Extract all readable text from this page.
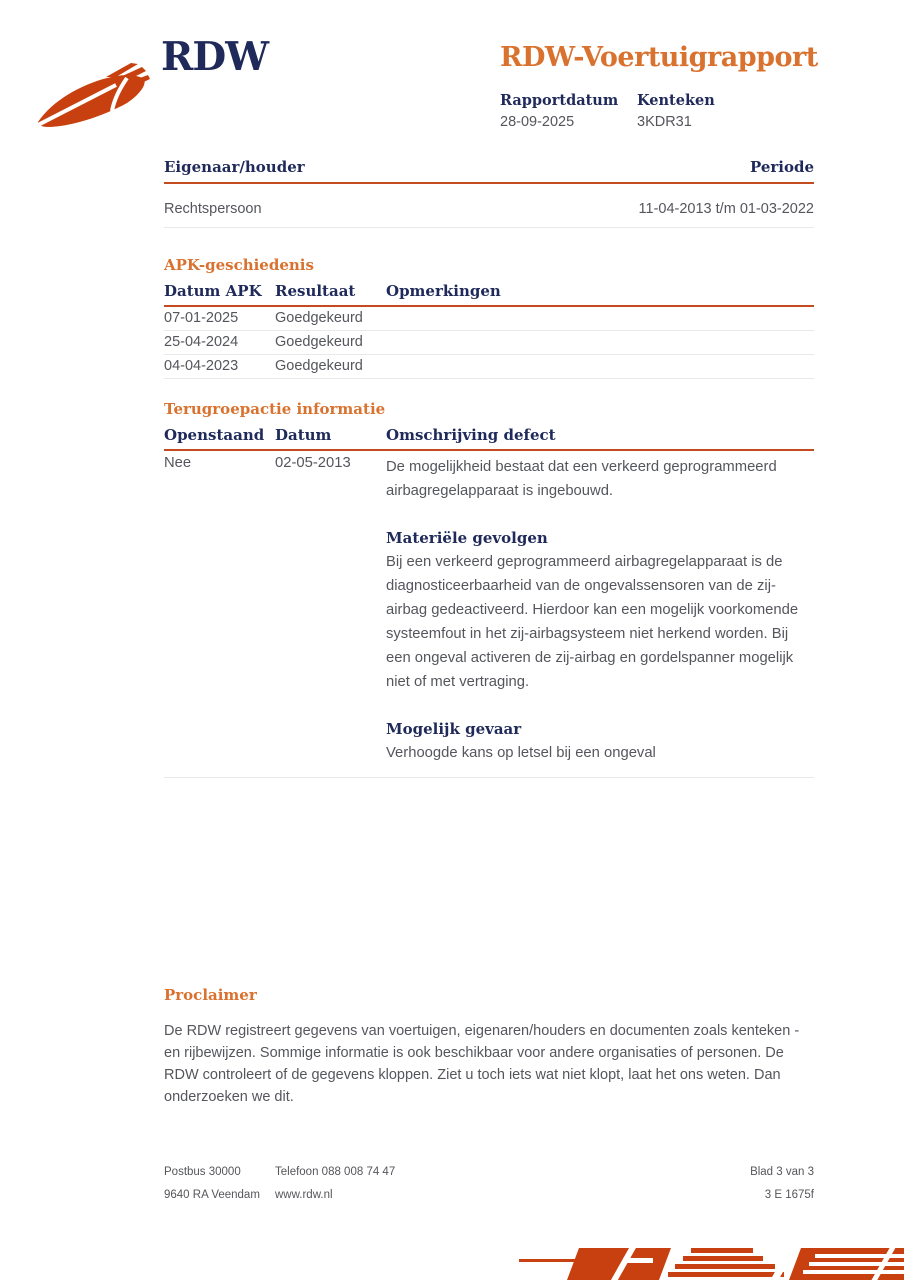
RDW	RDW-Voertuigrapport
Rapportdatum
28-09-2025
Kenteken
3KDR31
Eigenaar/houder	Periode
Rechtspersoon	11-04-2013 t/m 01-03-2022
APK-geschiedenis
Datum APK Resultaat	Opmerkingen
07-01-2025	Goedgekeurd
25-04-2024	Goedgekeurd
04-04-2023	Goedgekeurd
Terugroepactie informatie
Openstaand Datum	Omschrijving defect
Nee	02-05-2013	De mogelijkheid bestaat dat een verkeerd geprogrammeerd airbagregelapparaat is ingebouwd.

Materiële gevolgen

Bij een verkeerd geprogrammeerd airbagregelapparaat is de diagnosticeerbaarheid van de ongevalssensoren van de zij-airbag gedeactiveerd. Hierdoor kan een mogelijk voorkomende systeemfout in het zij-airbagsysteem niet herkend worden. Bij een ongeval activeren de zij-airbag en gordelspanner mogelijk niet of met vertraging.

Mogelijk gevaar

Verhoogde kans op letsel bij een ongeval

Proclaimer

De RDW registreert gegevens van voertuigen, eigenaren/houders en documenten zoals kenteken - en rijbewijzen. Sommige informatie is ook beschikbaar voor andere organisaties of personen. De RDW controleert of de gegevens kloppen. Ziet u toch iets wat niet klopt, laat het ons weten. Dan onderzoeken we dit.

Postbus 30000	Telefoon 088 008 74 47	Blad 3 van 3
9640 RA Veendam	www.rdw.nl	3 E 1675f
